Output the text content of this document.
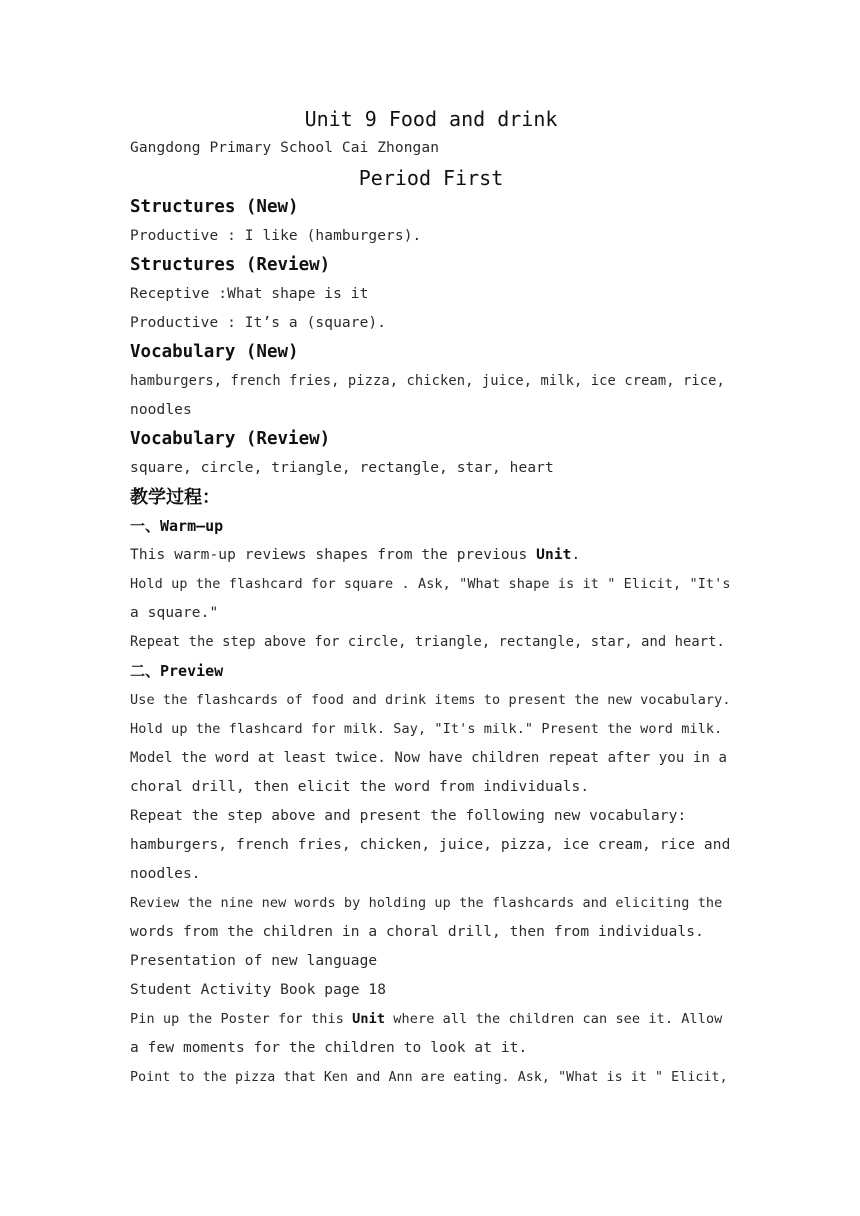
Unit 9 Food and drink
Gangdong Primary School Cai Zhongan
Period First
Structures (New)
Productive : I like (hamburgers).
Structures (Review)
Receptive :What shape is it
Productive : It’s a (square).
Vocabulary (New)
hamburgers, french fries, pizza, chicken, juice, milk, ice cream, rice,
noodles
Vocabulary (Review)
square, circle, triangle, rectangle, star, heart
教学过程：
一、Warm—up
This warm-up reviews shapes from the previous Unit.
Hold up the flashcard for square . Ask, "What shape is it " Elicit, "It's
a square."
Repeat the step above for circle, triangle, rectangle, star, and heart.
二、Preview
Use the flashcards of food and drink items to present the new vocabulary.
Hold up the flashcard for milk. Say, "It's milk." Present the word milk.
Model the word at least twice. Now have children repeat after you in a
choral drill, then elicit the word from individuals.
Repeat the step above and present the following new vocabulary:
hamburgers, french fries, chicken, juice, pizza, ice cream, rice and
noodles.
Review the nine new words by holding up the flashcards and eliciting the
words from the children in a choral drill, then from individuals.
Presentation of new language
Student Activity Book page 18
Pin up the Poster for this Unit where all the children can see it. Allow
a few moments for the children to look at it.
Point to the pizza that Ken and Ann are eating. Ask, "What is it " Elicit,
